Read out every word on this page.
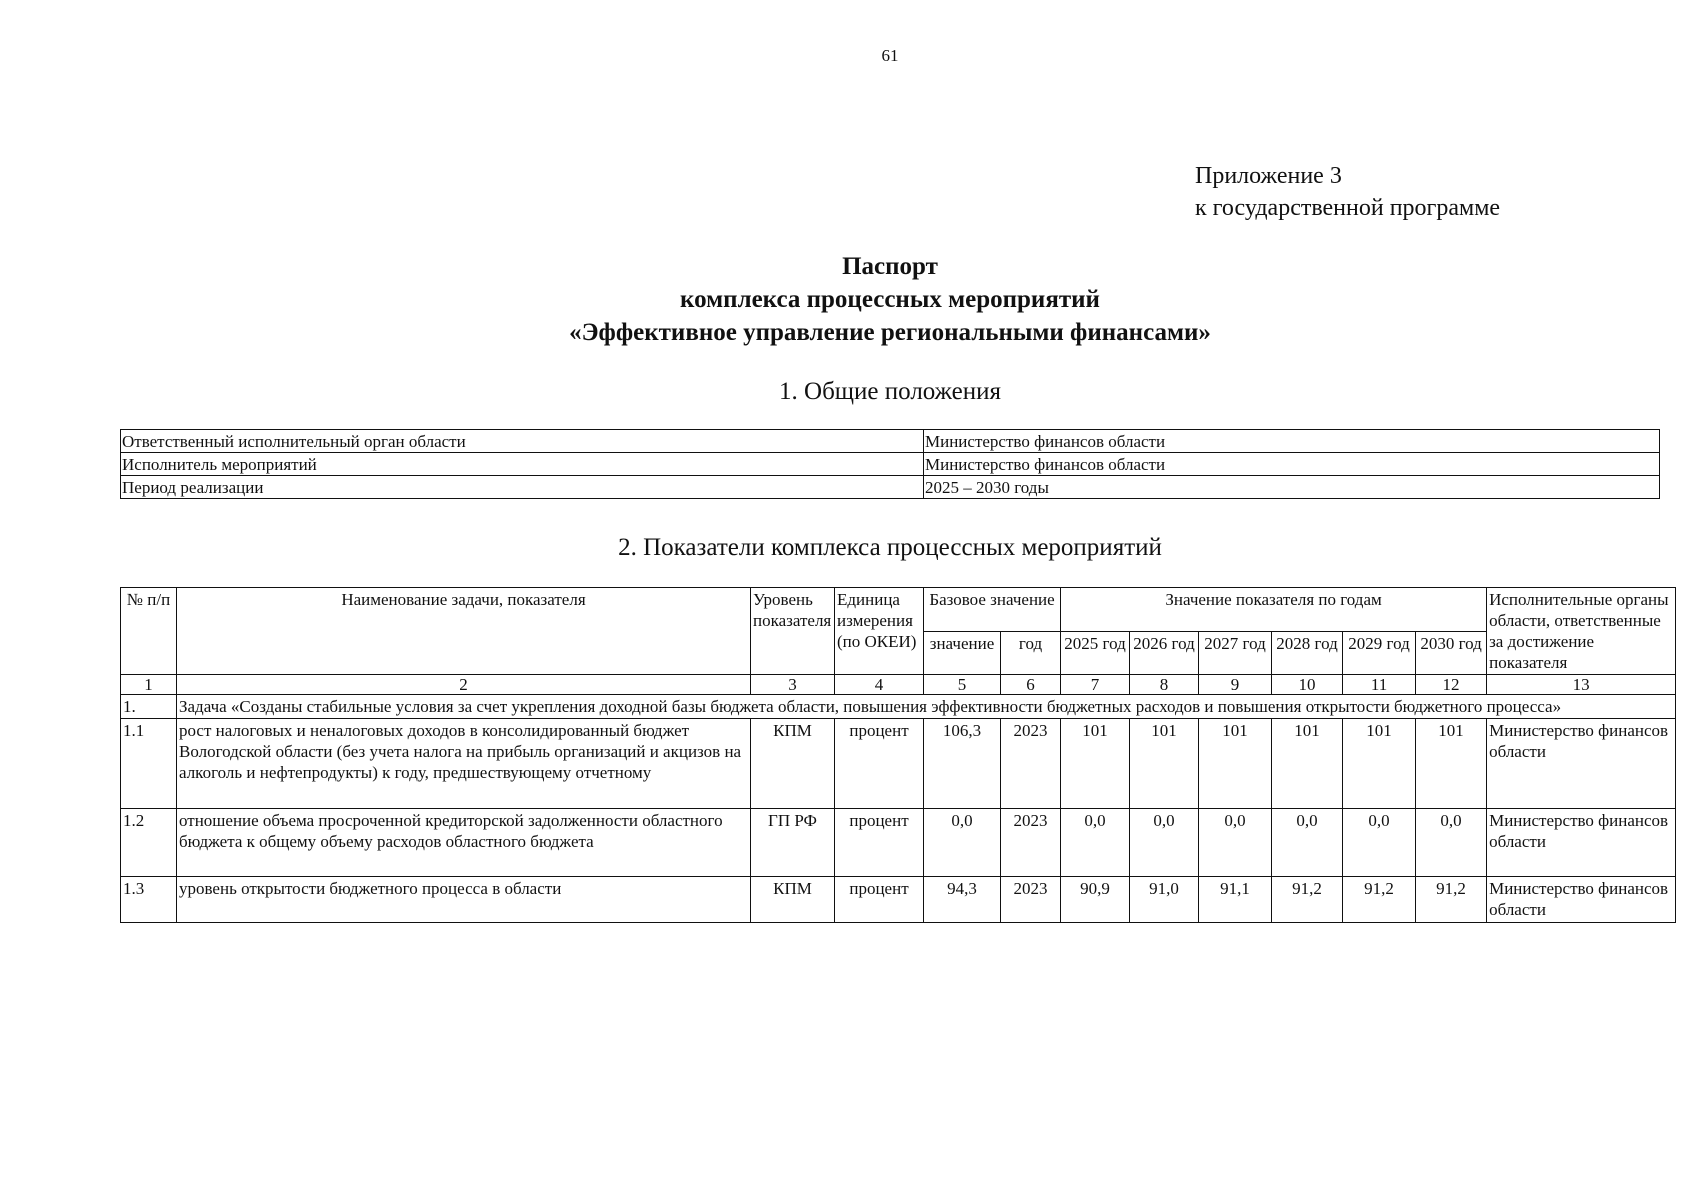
61
Приложение 3
к государственной программе
Паспорт
комплекса процессных мероприятий
«Эффективное управление региональными финансами»
1. Общие положения
Ответственный исполнительный орган области	Министерство финансов области
Исполнитель мероприятий	Министерство финансов области
Период реализации	2025 – 2030 годы
2. Показатели комплекса процессных мероприятий
№ п/п	Наименование задачи, показателя	Уровень показателя	Единица измерения (по ОКЕИ)	Базовое значение		Значение показателя по годам						Исполнительные органы области, ответственные за достижение показателя
				значение	год	2025 год	2026 год	2027 год	2028 год	2029 год	2030 год	
1	2	3	4	5	6	7	8	9	10	11	12	13
1.	Задача «Созданы стабильные условия за счет укрепления доходной базы бюджета области, повышения эффективности бюджетных расходов и повышения открытости бюджетного процесса»											
1.1	рост налоговых и неналоговых доходов в консолидированный бюджет Вологодской области (без учета налога на прибыль организаций и акцизов на алкоголь и нефтепродукты) к году, предшествующему отчетному	КПМ	процент	106,3	2023	101	101	101	101	101	101	Министерство финансов области
1.2	отношение объема просроченной кредиторской задолженности областного бюджета к общему объему расходов областного бюджета	ГП РФ	процент	0,0	2023	0,0	0,0	0,0	0,0	0,0	0,0	Министерство финансов области
1.3	уровень открытости бюджетного процесса в области	КПМ	процент	94,3	2023	90,9	91,0	91,1	91,2	91,2	91,2	Министерство финансов области
